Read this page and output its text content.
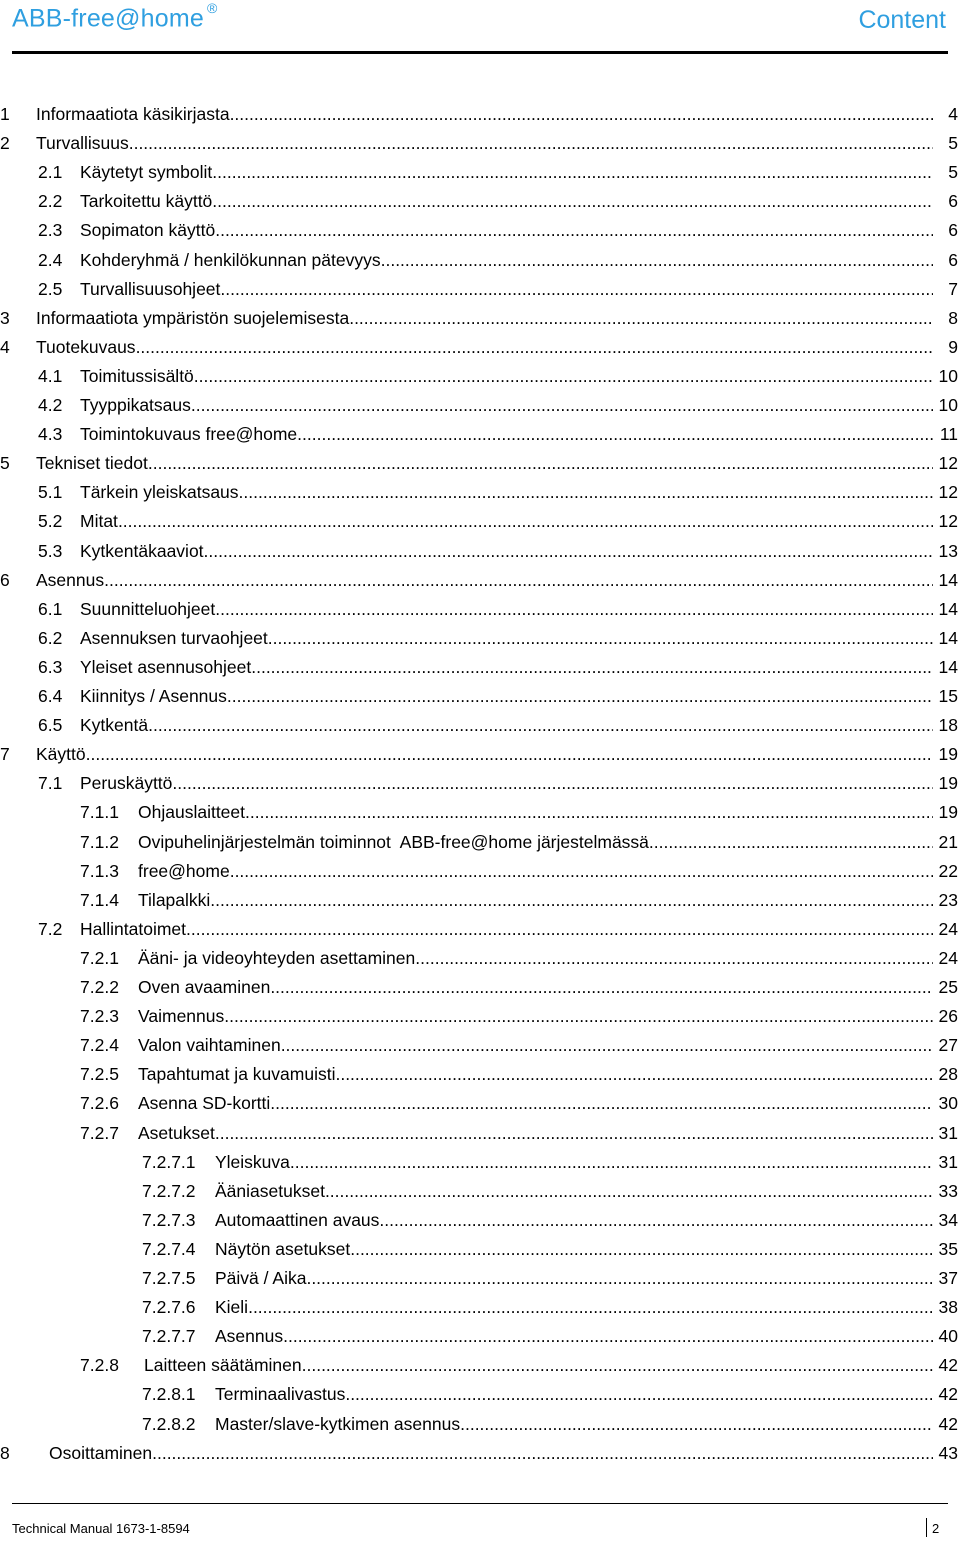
ABB-free@home ®	Content
1 Informaatiota käsikirjasta .....	4
2 Turvallisuus .....	5
2.1 Käytetyt symbolit .....	5
2.2 Tarkoitettu käyttö .....	6
2.3 Sopimaton käyttö .....	6
2.4 Kohderyhmä / henkilökunnan pätevyys .....	6
2.5 Turvallisuusohjeet .....	7
3 Informaatiota ympäristön suojelemisesta .....	8
4 Tuotekuvaus .....	9
4.1 Toimitussisältö .....	10
4.2 Tyyppikatsaus .....	10
4.3 Toimintokuvaus free@home .....	11
5 Tekniset tiedot .....	12
5.1 Tärkein yleiskatsaus .....	12
5.2 Mitat .....	12
5.3 Kytkentäkaaviot .....	13
6 Asennus .....	14
6.1 Suunnitteluohjeet .....	14
6.2 Asennuksen turvaohjeet .....	14
6.3 Yleiset asennusohjeet .....	14
6.4 Kiinnitys / Asennus .....	15
6.5 Kytkentä .....	18
7 Käyttö .....	19
7.1 Peruskäyttö .....	19
7.1.1 Ohjauslaitteet .....	19
7.1.2 Ovipuhelinjärjestelmän toiminnot  ABB-free@home järjestelmässä .....	21
7.1.3 free@home .....	22
7.1.4 Tilapalkki .....	23
7.2 Hallintatoimet .....	24
7.2.1 Ääni- ja videoyhteyden asettaminen .....	24
7.2.2 Oven avaaminen .....	25
7.2.3 Vaimennus .....	26
7.2.4 Valon vaihtaminen .....	27
7.2.5 Tapahtumat ja kuvamuisti .....	28
7.2.6 Asenna SD-kortti .....	30
7.2.7 Asetukset .....	31
7.2.7.1 Yleiskuva .....	31
7.2.7.2 Ääniasetukset .....	33
7.2.7.3 Automaattinen avaus .....	34
7.2.7.4 Näytön asetukset .....	35
7.2.7.5 Päivä / Aika .....	37
7.2.7.6 Kieli .....	38
7.2.7.7 Asennus .....	40
7.2.8 Laitteen säätäminen .....	42
7.2.8.1 Terminaalivastus .....	42
7.2.8.2 Master/slave-kytkimen asennus .....	42
8 Osoittaminen .....	43
Technical Manual 1673-1-8594	2
